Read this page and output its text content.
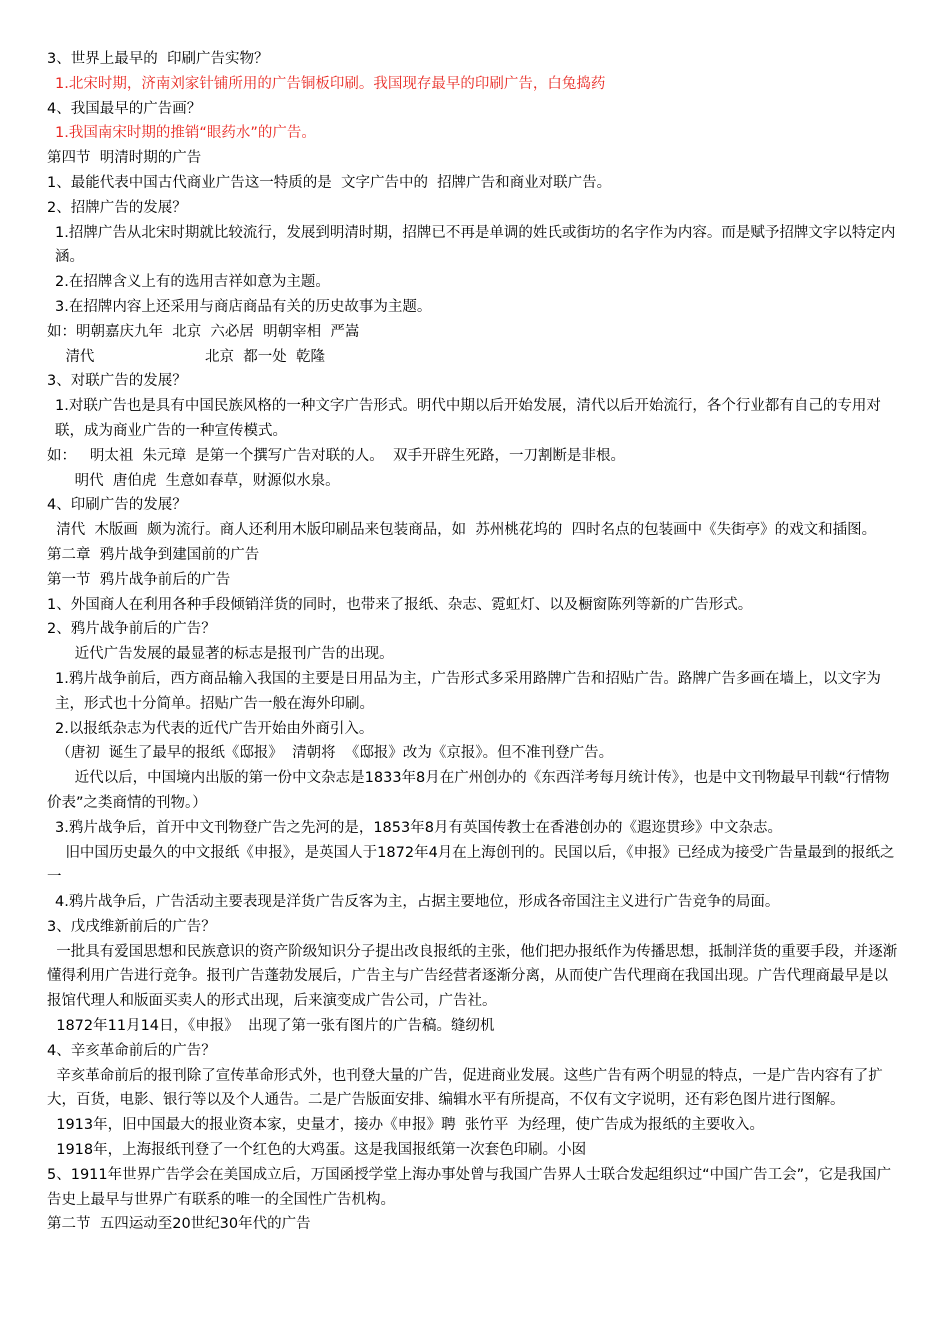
3、世界上最早的  印刷广告实物？
1.北宋时期，济南刘家针铺所用的广告铜板印刷。我国现存最早的印刷广告，白兔捣药
4、我国最早的广告画？
1.我国南宋时期的推销“眼药水”的广告。
第四节  明清时期的广告
1、最能代表中国古代商业广告这一特质的是  文字广告中的  招牌广告和商业对联广告。
2、招牌广告的发展？
1.招牌广告从北宋时期就比较流行，发展到明清时期，招牌已不再是单调的姓氏或街坊的名字作为内容。而是赋予招牌文字以特定内涵。
2.在招牌含义上有的选用吉祥如意为主题。
3.在招牌内容上还采用与商店商品有关的历史故事为主题。
如：明朝嘉庆九年  北京  六必居  明朝宰相  严嵩
清代                        北京  都一处  乾隆
3、对联广告的发展？
1.对联广告也是具有中国民族风格的一种文字广告形式。明代中期以后开始发展，清代以后开始流行，各个行业都有自己的专用对联，成为商业广告的一种宣传模式。
如：   明太祖  朱元璋  是第一个撰写广告对联的人。  双手开辟生死路，一刀割断是非根。
明代  唐伯虎  生意如春草，财源似水泉。
4、印刷广告的发展？
清代  木版画  颇为流行。商人还利用木版印刷品来包装商品，如  苏州桃花坞的  四时名点的包装画中《失街亭》的戏文和插图。
第二章  鸦片战争到建国前的广告
第一节  鸦片战争前后的广告
1、外国商人在利用各种手段倾销洋货的同时，也带来了报纸、杂志、霓虹灯、以及橱窗陈列等新的广告形式。
2、鸦片战争前后的广告？
近代广告发展的最显著的标志是报刊广告的出现。
1.鸦片战争前后，西方商品输入我国的主要是日用品为主，广告形式多采用路牌广告和招贴广告。路牌广告多画在墙上，以文字为主，形式也十分简单。招贴广告一般在海外印刷。
2.以报纸杂志为代表的近代广告开始由外商引入。
（唐初  诞生了最早的报纸《邸报》  清朝将  《邸报》改为《京报》。但不准刊登广告。
近代以后，中国境内出版的第一份中文杂志是1833年8月在广州创办的《东西洋考每月统计传》，也是中文刊物最早刊载“行情物价表”之类商情的刊物。）
3.鸦片战争后，首开中文刊物登广告之先河的是，1853年8月有英国传教士在香港创办的《遐迩贯珍》中文杂志。
旧中国历史最久的中文报纸《申报》，是英国人于1872年4月在上海创刊的。民国以后，《申报》已经成为接受广告量最到的报纸之一
4.鸦片战争后，广告活动主要表现是洋货广告反客为主，占据主要地位，形成各帝国注主义进行广告竞争的局面。
3、戊戌维新前后的广告？
一批具有爱国思想和民族意识的资产阶级知识分子提出改良报纸的主张，他们把办报纸作为传播思想，抵制洋货的重要手段，并逐渐懂得利用广告进行竞争。报刊广告蓬勃发展后，广告主与广告经营者逐渐分离，从而使广告代理商在我国出现。广告代理商最早是以报馆代理人和版面买卖人的形式出现，后来演变成广告公司，广告社。
1872年11月14日，《申报》  出现了第一张有图片的广告稿。缝纫机
4、辛亥革命前后的广告？
辛亥革命前后的报刊除了宣传革命形式外，也刊登大量的广告，促进商业发展。这些广告有两个明显的特点，一是广告内容有了扩大，百货，电影、银行等以及个人通告。二是广告版面安排、编辑水平有所提高，不仅有文字说明，还有彩色图片进行图解。
1913年，旧中国最大的报业资本家，史量才，接办《申报》聘  张竹平  为经理，使广告成为报纸的主要收入。
1918年，上海报纸刊登了一个红色的大鸡蛋。这是我国报纸第一次套色印刷。小囡
5、1911年世界广告学会在美国成立后，万国函授学堂上海办事处曾与我国广告界人士联合发起组织过“中国广告工会”，它是我国广告史上最早与世界广有联系的唯一的全国性广告机构。
第二节  五四运动至20世纪30年代的广告
